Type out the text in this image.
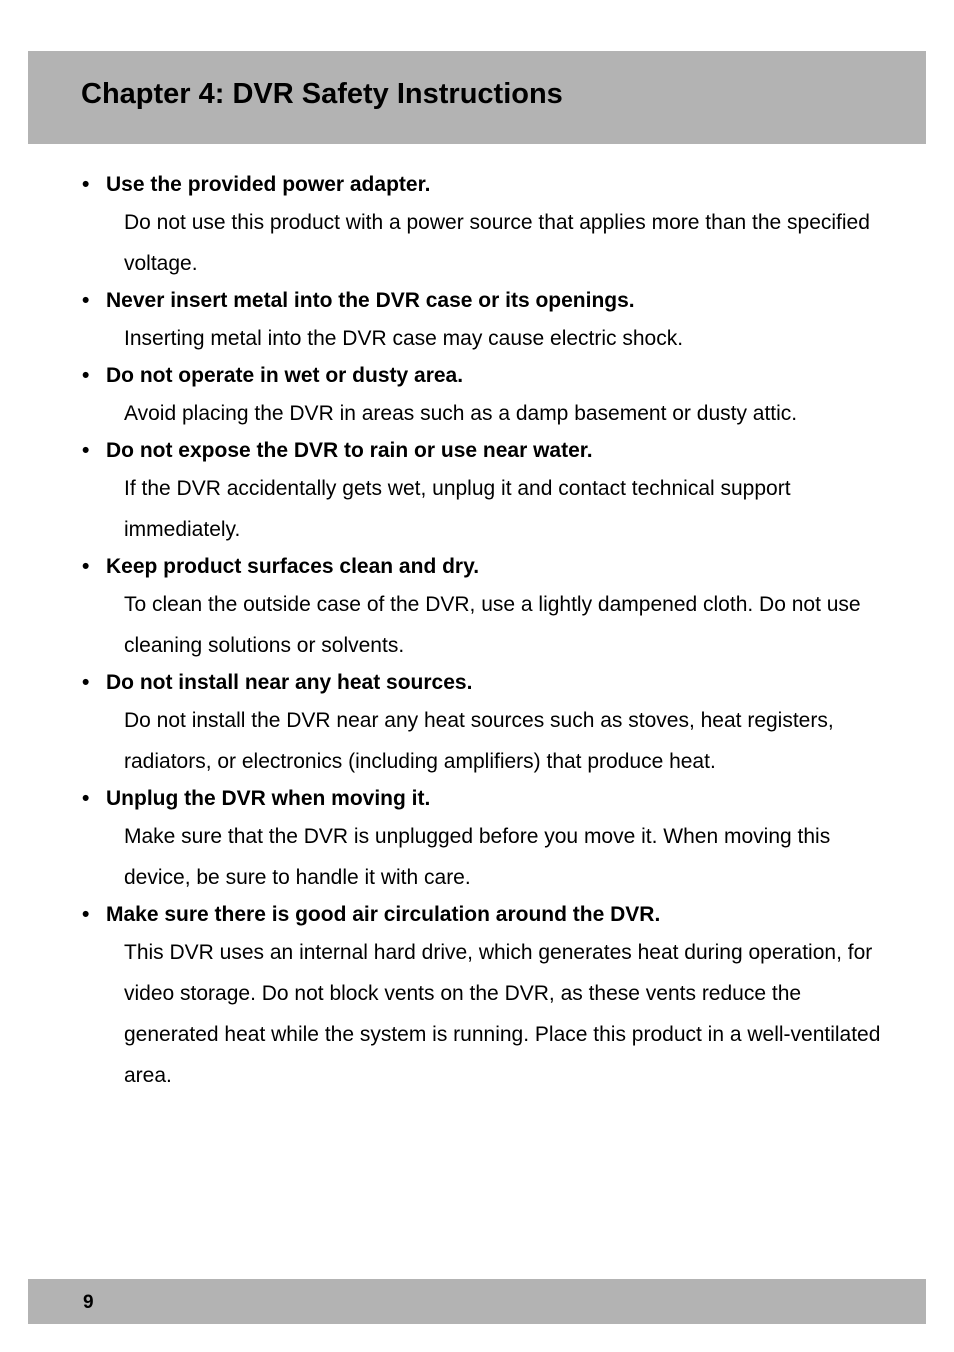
Chapter 4: DVR Safety Instructions
• Use the provided power adapter.
Do not use this product with a power source that applies more than the specified voltage.
• Never insert metal into the DVR case or its openings.
Inserting metal into the DVR case may cause electric shock.
• Do not operate in wet or dusty area.
Avoid placing the DVR in areas such as a damp basement or dusty attic.
• Do not expose the DVR to rain or use near water.
If the DVR accidentally gets wet, unplug it and contact technical support immediately.
• Keep product surfaces clean and dry.
To clean the outside case of the DVR, use a lightly dampened cloth. Do not use cleaning solutions or solvents.
• Do not install near any heat sources.
Do not install the DVR near any heat sources such as stoves, heat registers, radiators, or electronics (including amplifiers) that produce heat.
• Unplug the DVR when moving it.
Make sure that the DVR is unplugged before you move it. When moving this device, be sure to handle it with care.
• Make sure there is good air circulation around the DVR.
This DVR uses an internal hard drive, which generates heat during operation, for video storage. Do not block vents on the DVR, as these vents reduce the generated heat while the system is running. Place this product in a well-ventilated area.
9
